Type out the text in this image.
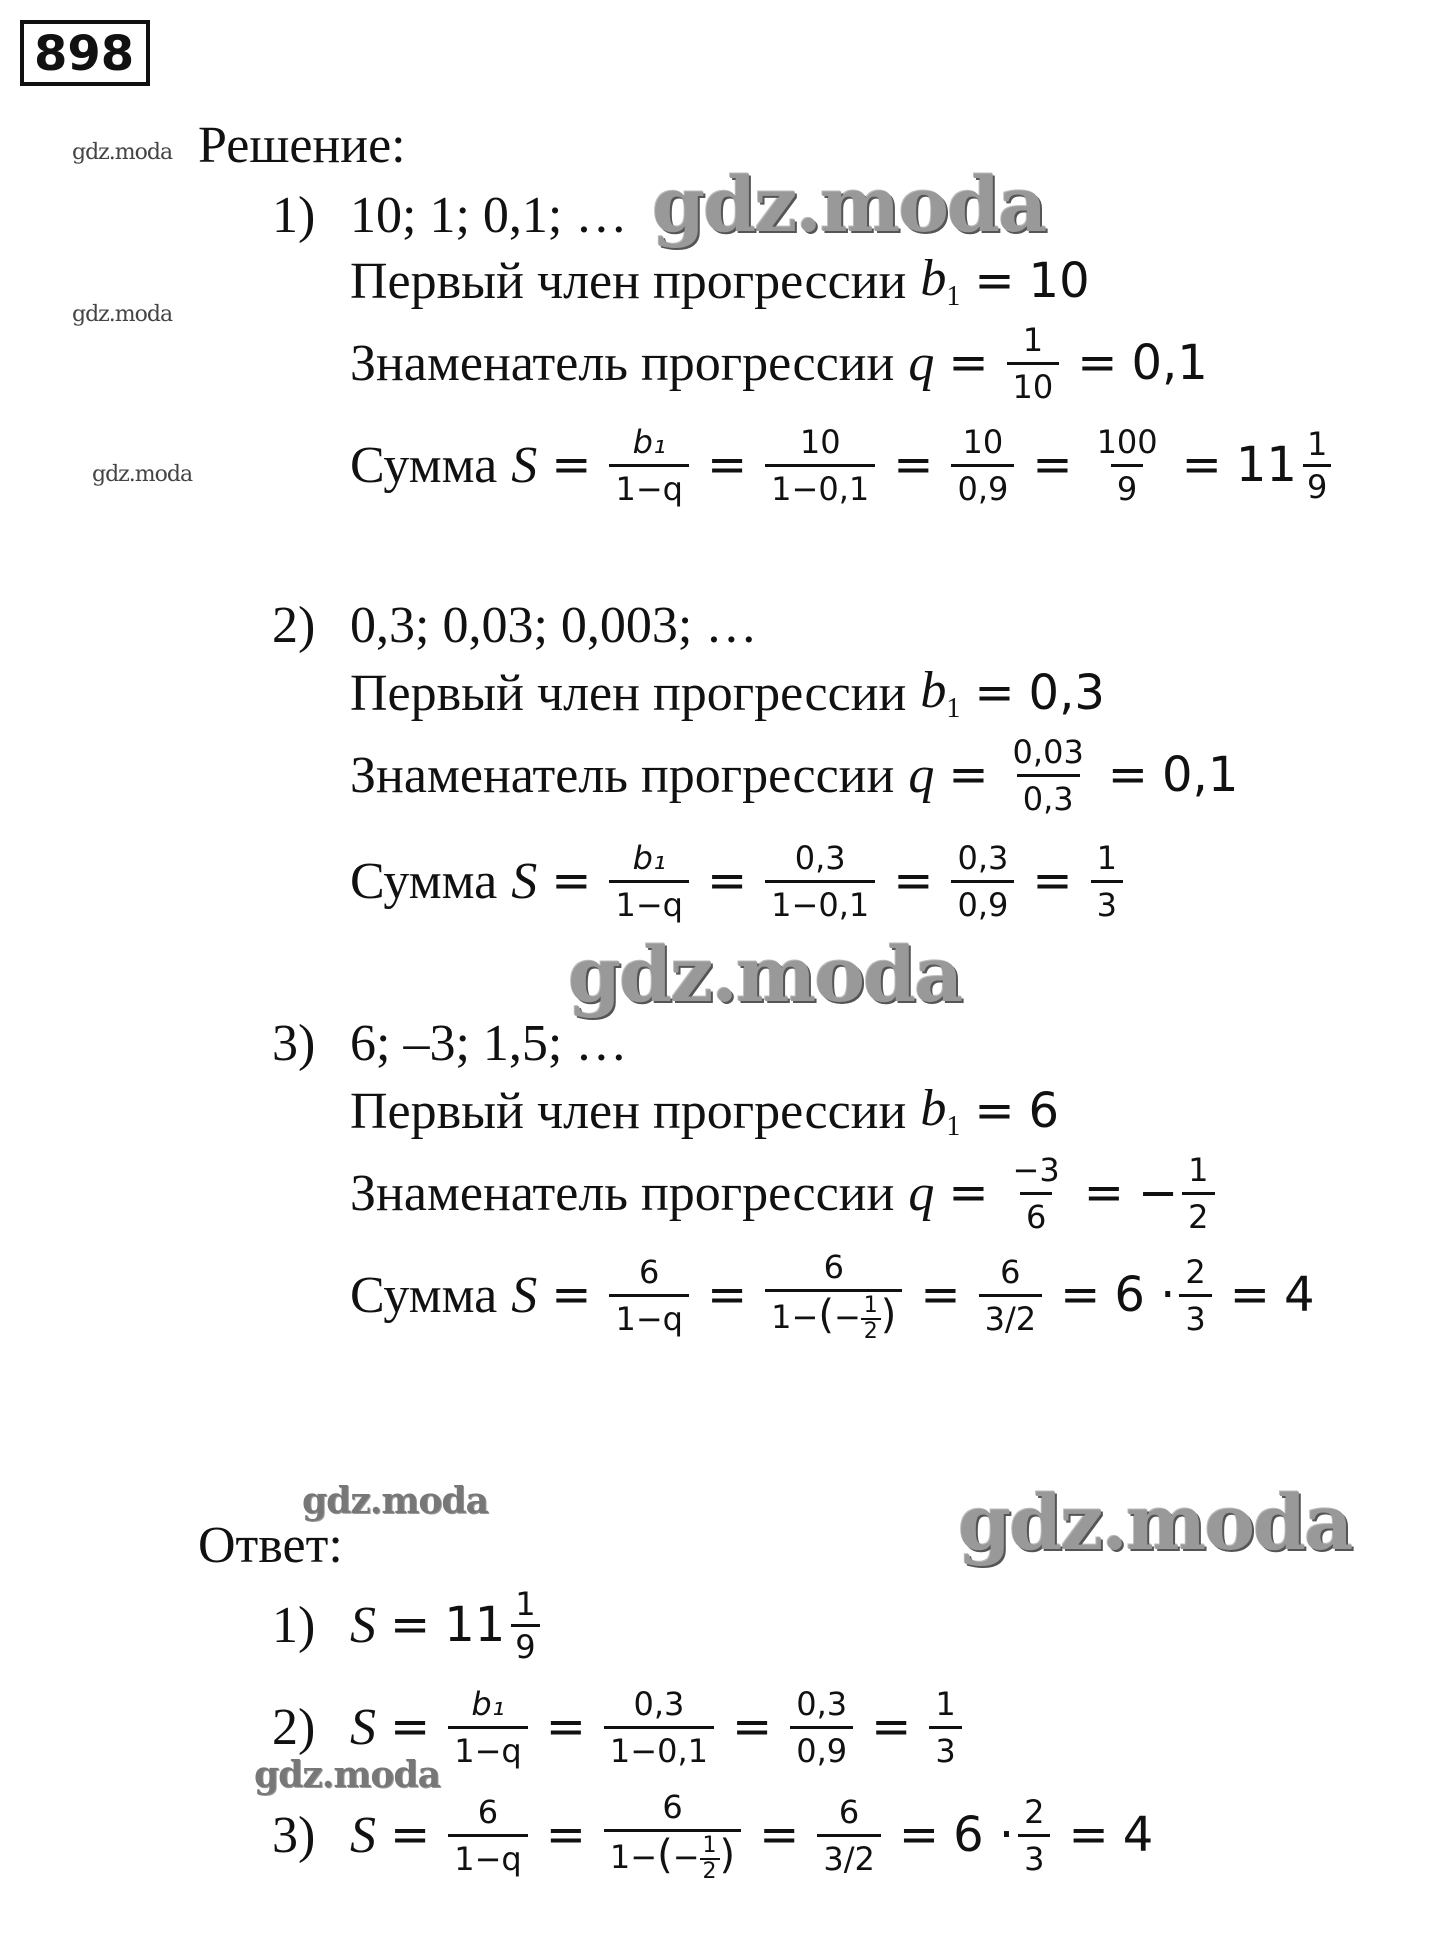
898
gdz.moda
gdz.moda
gdz.moda
gdz.moda
gdz.moda
gdz.moda	gdz.moda
gdz.moda
Решение:
1) 10; 1; 0,1; …
Первый член прогрессии $b_1 = 10$
Знаменатель прогрессии $q = \frac{1}{10} = 0,1$
Сумма $S = \frac{\text{b₁}}{1-q} = \frac{10}{1-0,1} = \frac{10}{0,9} = \frac{100}{9} = 11 \frac{1}{9}$
2) 0,3; 0,03; 0,003; …
Первый член прогрессии $b_1 = 0,3$
Знаменатель прогрессии $q = \frac{0,03}{0,3} = 0,1$
Сумма $S = \frac{\text{b₁}}{1-q} = \frac{0,3}{1-0,1} = \frac{0,3}{0,9} = \frac{1}{3}$
3) 6; –3; 1,5; …
Первый член прогрессии $b_1 = 6$
Знаменатель прогрессии $q = \frac{-3}{6}$ = − $\frac{1}{2}$
Сумма $S = \frac{6}{1-q} = \frac{6}{1-(- \frac{1}{2} )} = \frac{6}{3/2} = 6 \cdot \frac{2}{3} = 4$
Ответ:
1) $S = 11 \frac{1}{9}$
2) $S = \frac{\text{b₁}}{1-q} = \frac{0,3}{1-0,1} = \frac{0,3}{0,9} = \frac{1}{3}$
3) $S = \frac{6}{1-q} = \frac{6}{1-(- \frac{1}{2} )} = \frac{6}{3/2} = 6 \cdot \frac{2}{3} = 4$
